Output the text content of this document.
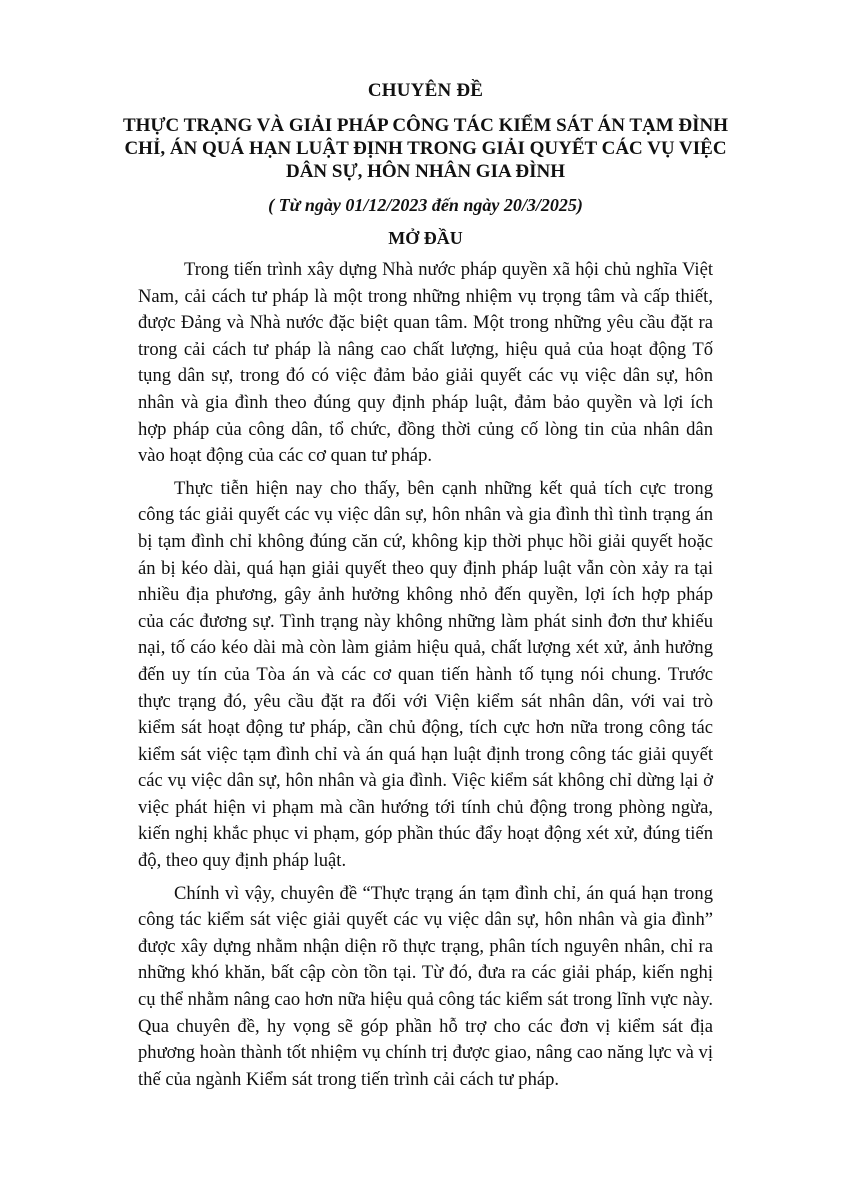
CHUYÊN ĐỀ
THỰC TRẠNG VÀ GIẢI PHÁP CÔNG TÁC KIỂM SÁT ÁN TẠM ĐÌNH CHỈ, ÁN QUÁ HẠN LUẬT ĐỊNH TRONG GIẢI QUYẾT CÁC VỤ VIỆC DÂN SỰ, HÔN NHÂN GIA ĐÌNH
( Từ ngày 01/12/2023 đến ngày 20/3/2025)
MỞ ĐẦU

Trong tiến trình xây dựng Nhà nước pháp quyền xã hội chủ nghĩa Việt Nam, cải cách tư pháp là một trong những nhiệm vụ trọng tâm và cấp thiết, được Đảng và Nhà nước đặc biệt quan tâm. Một trong những yêu cầu đặt ra trong cải cách tư pháp là nâng cao chất lượng, hiệu quả của hoạt động Tố tụng dân sự, trong đó có việc đảm bảo giải quyết các vụ việc dân sự, hôn nhân và gia đình theo đúng quy định pháp luật, đảm bảo quyền và lợi ích hợp pháp của công dân, tổ chức, đồng thời củng cố lòng tin của nhân dân vào hoạt động của các cơ quan tư pháp.

Thực tiễn hiện nay cho thấy, bên cạnh những kết quả tích cực trong công tác giải quyết các vụ việc dân sự, hôn nhân và gia đình thì tình trạng án bị tạm đình chỉ không đúng căn cứ, không kịp thời phục hồi giải quyết hoặc án bị kéo dài, quá hạn giải quyết theo quy định pháp luật vẫn còn xảy ra tại nhiều địa phương, gây ảnh hưởng không nhỏ đến quyền, lợi ích hợp pháp của các đương sự. Tình trạng này không những làm phát sinh đơn thư khiếu nại, tố cáo kéo dài mà còn làm giảm hiệu quả, chất lượng xét xử, ảnh hưởng đến uy tín của Tòa án và các cơ quan tiến hành tố tụng nói chung. Trước thực trạng đó, yêu cầu đặt ra đối với Viện kiểm sát nhân dân, với vai trò kiểm sát hoạt động tư pháp, cần chủ động, tích cực hơn nữa trong công tác kiểm sát việc tạm đình chỉ và án quá hạn luật định trong công tác giải quyết các vụ việc dân sự, hôn nhân và gia đình. Việc kiểm sát không chỉ dừng lại ở việc phát hiện vi phạm mà cần hướng tới tính chủ động trong phòng ngừa, kiến nghị khắc phục vi phạm, góp phần thúc đẩy hoạt động xét xử, đúng tiến độ, theo quy định pháp luật.

Chính vì vậy, chuyên đề “Thực trạng án tạm đình chỉ, án quá hạn trong công tác kiểm sát việc giải quyết các vụ việc dân sự, hôn nhân và gia đình” được xây dựng nhằm nhận diện rõ thực trạng, phân tích nguyên nhân, chỉ ra những khó khăn, bất cập còn tồn tại. Từ đó, đưa ra các giải pháp, kiến nghị cụ thể nhằm nâng cao hơn nữa hiệu quả công tác kiểm sát trong lĩnh vực này. Qua chuyên đề, hy vọng sẽ góp phần hỗ trợ cho các đơn vị kiểm sát địa phương hoàn thành tốt nhiệm vụ chính trị được giao, nâng cao năng lực và vị thế của ngành Kiểm sát trong tiến trình cải cách tư pháp.
